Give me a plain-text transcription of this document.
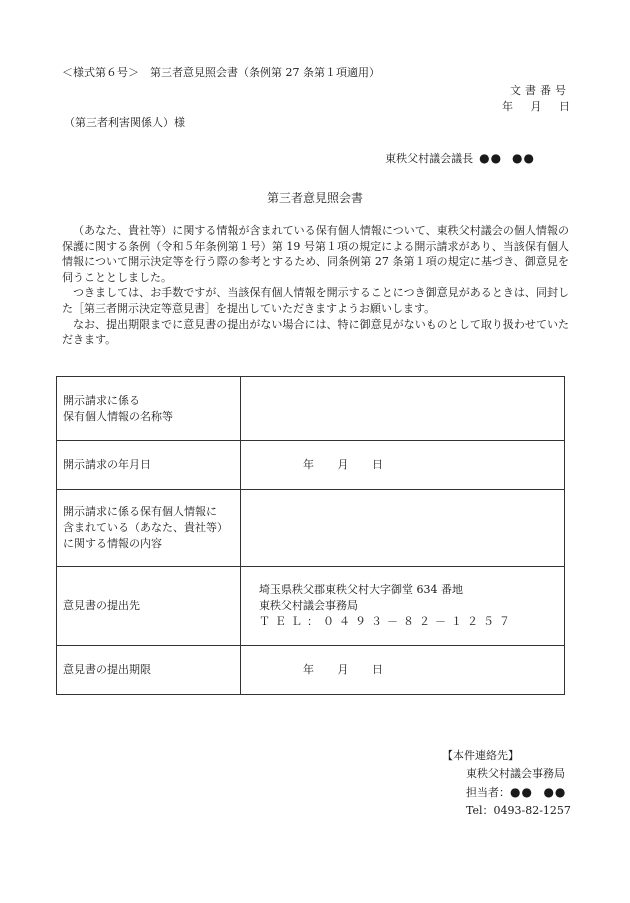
＜様式第６号＞　第三者意見照会書（条例第 27 条第１項適用）
文書番号
年 月 日
（第三者利害関係人）様
東秩父村議会議長 ●● ●●
第三者意見照会書

（あなた、貴社等）に関する情報が含まれている保有個人情報について、東秩父村議会の個人情報の保護に関する条例（令和５年条例第１号）第 19 号第１項の規定による開示請求があり、当該保有個人情報について開示決定等を行う際の参考とするため、同条例第 27 条第１項の規定に基づき、御意見を伺うこととしました。

つきましては、お手数ですが、当該保有個人情報を開示することにつき御意見があるときは、同封した［第三者開示決定等意見書］を提出していただきますようお願いします。

なお、提出期限までに意見書の提出がない場合には、特に御意見がないものとして取り扱わせていただきます。

開示請求に係る
保有個人情報の名称等	

開示請求の年月日	年 月 日

開示請求に係る保有個人情報に
含まれている（あなた、貴社等）
に関する情報の内容	

意見書の提出先	埼玉県秩父郡東秩父村大字御堂 634 番地
東秩父村議会事務局
ＴＥＬ：０４９３－８２－１２５７

意見書の提出期限	年 月 日
【本件連絡先】
東秩父村議会事務局
担当者：●● ●●
Tel：0493-82-1257
